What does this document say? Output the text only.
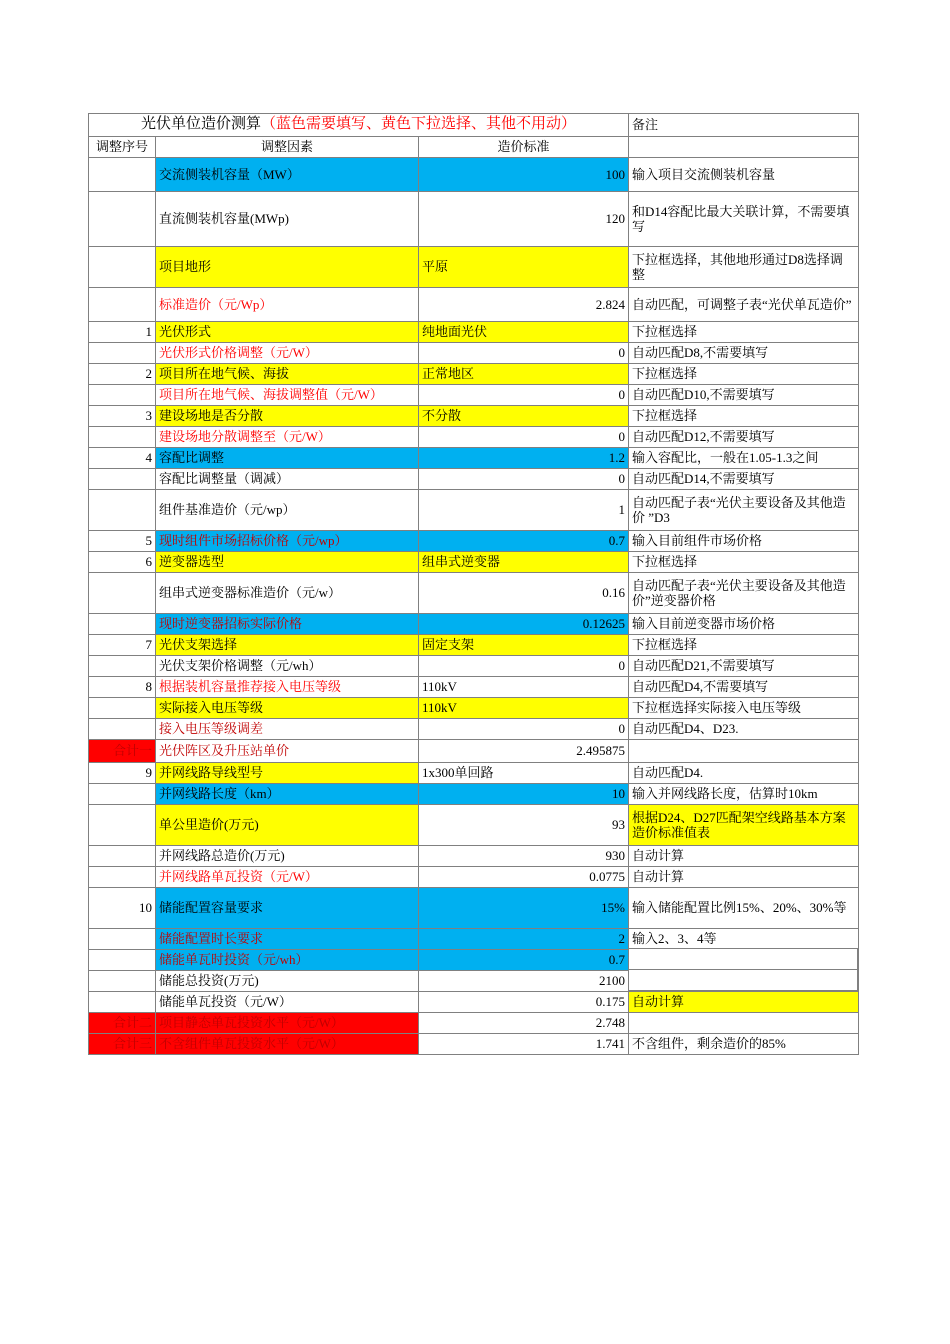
光伏单位造价测算（蓝色需要填写、黄色下拉选择、其他不用动）			备注
调整序号	调整因素	造价标准	
	交流侧装机容量（MW）	100	输入项目交流侧装机容量
	直流侧装机容量(MWp)	120	和D14容配比最大关联计算，不需要填写
	项目地形	平原	下拉框选择，其他地形通过D8选择调整
	标准造价（元/Wp）	2.824	自动匹配，可调整子表“光伏单瓦造价”
1	光伏形式	纯地面光伏	下拉框选择
	光伏形式价格调整（元/W）	0	自动匹配D8,不需要填写
2	项目所在地气候、海拔	正常地区	下拉框选择
	项目所在地气候、海拔调整值（元/W）	0	自动匹配D10,不需要填写
3	建设场地是否分散	不分散	下拉框选择
	建设场地分散调整至（元/W）	0	自动匹配D12,不需要填写
4	容配比调整	1.2	输入容配比，一般在1.05-1.3之间
	容配比调整量（调减）	0	自动匹配D14,不需要填写
	组件基准造价（元/wp）	1	自动匹配子表“光伏主要设备及其他造价 ”D3
5	现时组件市场招标价格（元/wp）	0.7	输入目前组件市场价格
6	逆变器选型	组串式逆变器	下拉框选择
	组串式逆变器标准造价（元/w）	0.16	自动匹配子表“光伏主要设备及其他造价”逆变器价格
	现时逆变器招标实际价格	0.12625	输入目前逆变器市场价格
7	光伏支架选择	固定支架	下拉框选择
	光伏支架价格调整（元/wh）	0	自动匹配D21,不需要填写
8	根据装机容量推荐接入电压等级	110kV	自动匹配D4,不需要填写
	实际接入电压等级	110kV	下拉框选择实际接入电压等级
	接入电压等级调差	0	自动匹配D4、D23.
合计一	光伏阵区及升压站单价	2.495875	
9	并网线路导线型号	1x300单回路	自动匹配D4.
	并网线路长度（km）	10	输入并网线路长度，估算时10km
	单公里造价(万元)	93	根据D24、D27匹配架空线路基本方案造价标准值表
	并网线路总造价(万元)	930	自动计算
	并网线路单瓦投资（元/W）	0.0775	自动计算
10	储能配置容量要求	15%	输入储能配置比例15%、20%、30%等
	储能配置时长要求	2	输入2、3、4等
	储能单瓦时投资（元/wh）	0.7	
	储能总投资(万元)	2100	
	储能单瓦投资（元/W）	0.175	自动计算
合计二	项目静态单瓦投资水平（元/W）	2.748	
合计三	不含组件单瓦投资水平（元/W）	1.741	不含组件，剩余造价的85%
